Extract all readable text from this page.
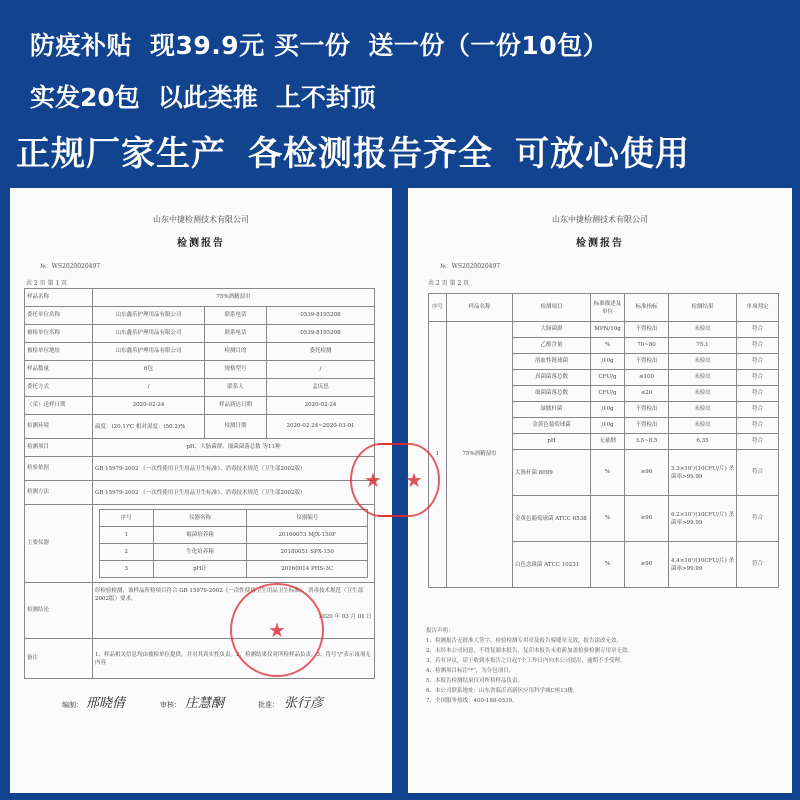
防疫补贴 现39.9元 买一份 送一份（一份10包）
实发20包 以此类推 上不封顶
正规厂家生产 各检测报告齐全 可放心使用
山东中捷检测技术有限公司
检测报告
№：WS2020020497
共 2 页 第 1 页
样品名称	75%酒精湿巾
委托单位名称	山东鑫乐护理用品有限公司	联系电话	0539-8195208
被检单位名称	山东鑫乐护理用品有限公司	联系电话	0539-8195208
被检单位地址	山东鑫乐护理用品有限公司	检测目的	委托检测
样品数量	6包	规格型号	/
委托方式	/	联系人	孟庆思
（采）送样日期	2020-02-24	样品到达日期	2020-02-24
检测环境	温度：(20.1)℃ 相对湿度：(50.2)%	检测日期	2020-02-24~2020-03-01
检测项目	pH、大肠菌群、细菌菌落总数 等11种
检验依据	GB 15979-2002 《一次性使用卫生用品卫生标准》、消毒技术规范（卫生部2002版）
检测方法	GB 15979-2002 《一次性使用卫生用品卫生标准》、消毒技术规范（卫生部2002版）
主要仪器	
序号	仪器名称	仪器编号
1	霉菌培养箱	20160073 MJX-150F
2	生化培养箱	20180051 SPX-150
3	pH计	20160014 PHS-3C

检测结论	
经检验检测，该样品所检项目符合 GB 15979-2002《一次性使用卫生用品卫生标准》、消毒技术规范（卫生部2002版）要求。
2020 年 03 月 01 日

备注	1、样品相关信息均由被检单位提供，并对其真实性负责。2、检测结果仅对所检样品负责。3、符号"/"表示该项无内容
★
★
编制： 邢晓倩	审核： 庄慧酮	批准： 张行彦
山东中捷检测技术有限公司
检测报告
№：WS2020020497
共 2 页 第 2 页
序号	样品名称	检测项目	标准描述及单位	标准指标	检测结果	单项判定
1	75%酒精湿巾	大肠菌群	MPN/10g	不得检出	未检出	符合
		乙醇含量	%	70~80	75.1	符合
		溶血性链球菌	/10g	不得检出	未检出	符合
		真菌菌落总数	CFU/g	≤100	未检出	符合
		细菌菌落总数	CFU/g	≤20	未检出	符合
		绿脓杆菌	/10g	不得检出	未检出	符合
		金黄色葡萄球菌	/10g	不得检出	未检出	符合
		pH	无量纲	3.5~8.5	6.35	符合
		大肠杆菌 8099	%	≥90	3.3×10⁷/(10CFU/片) 杀菌率>99.99	符合
		金黄色葡萄球菌 ATCC 6538	%	≥90	6.2×10⁷/(10CFU/片) 杀菌率>99.99	符合
		白色念珠菌 ATCC 10231	%	≥90	4.4×10⁷/(10CFU/片) 杀菌率>99.99	符合
★
报告声明：
1、检测报告无批准人签字、检验检测专用章及报告骑缝章无效，报告涂改无效。
2、未经本公司同意，不得复制本报告，复印本报告未重新加盖检验检测专用章无效。
3、若有异议，请于收到本报告之日起7个工作日内向本公司提出，逾期不予受理。
4、检测项目标注"*"，为分包项目。
5、本报告检测结果仅对所检样品负责。
6、本公司联系地址：山东省临沂高新区应用科学城C座13楼。
7、全国服务热线：400-188-0539。
